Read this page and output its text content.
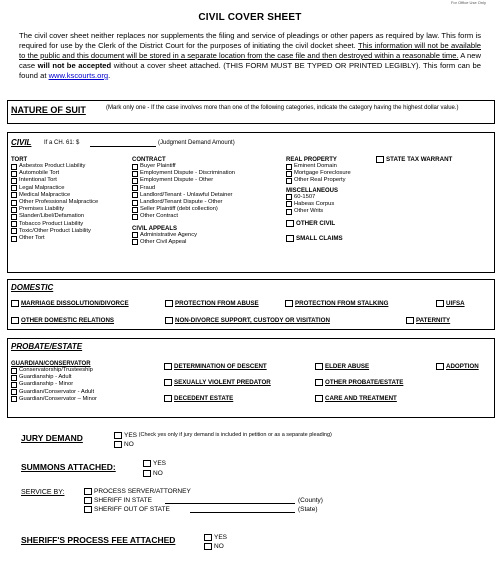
For Office Use Only
CIVIL COVER SHEET
The civil cover sheet neither replaces nor supplements the filing and service of pleadings or other papers as required by law. This form is required for use by the Clerk of the District Court for the purposes of initiating the civil docket sheet. This information will not be available to the public and this document will be stored in a separate location from the case file and then destroyed within a reasonable time. A new case will not be accepted without a cover sheet attached. (THIS FORM MUST BE TYPED OR PRINTED LEGIBLY). This form can be found at www.kscourts.org.
NATURE OF SUIT	(Mark only one - If the case involves more than one of the following categories, indicate the category having the highest dollar value.)
CIVIL If a CH. 61: $	(Judgment Demand Amount)
TORT
Asbestos Product Liability
Automobile Tort
Intentional Tort
Legal Malpractice
Medical Malpractice
Other Professional Malpractice
Premises Liability
Slander/Libel/Defamation
Tobacco Product Liability
Toxic/Other Product Liability
Other Tort
CONTRACT
Buyer Plaintiff
Employment Dispute - Discrimination
Employment Dispute - Other
Fraud
Landlord/Tenant - Unlawful Detainer
Landlord/Tenant Dispute - Other
Seller Plaintiff (debt collection)
Other Contract
CIVIL APPEALS
Administrative Agency
Other Civil Appeal
REAL PROPERTY
Eminent Domain
Mortgage Foreclosure
Other Real Property
MISCELLANEOUS
60-1507
Habeas Corpus
Other Writs
OTHER CIVIL
SMALL CLAIMS
STATE TAX WARRANT
DOMESTIC
MARRIAGE DISSOLUTION/DIVORCE	PROTECTION FROM ABUSE	PROTECTION FROM STALKING	UIFSA
OTHER DOMESTIC RELATIONS	NON-DIVORCE SUPPORT, CUSTODY OR VISITATION	PATERNITY
PROBATE/ESTATE
GUARDIAN/CONSERVATOR
Conservatorship/Trusteeship
Guardianship - Adult
Guardianship - Minor
Guardian/Conservator - Adult
Guardian/Conservator – Minor
DETERMINATION OF DESCENT
SEXUALLY VIOLENT PREDATOR
DECEDENT ESTATE
ELDER ABUSE
OTHER PROBATE/ESTATE
CARE AND TREATMENT
ADOPTION
JURY DEMAND	YES
(Check yes only if jury demand is included in petition or as a separate pleading)
NO
SUMMONS ATTACHED:	YES
NO
SERVICE BY:	PROCESS SERVER/ATTORNEY
SHERIFF IN STATE	(County)
SHERIFF OUT OF STATE	(State)
SHERIFF'S PROCESS FEE ATTACHED	YES
NO
